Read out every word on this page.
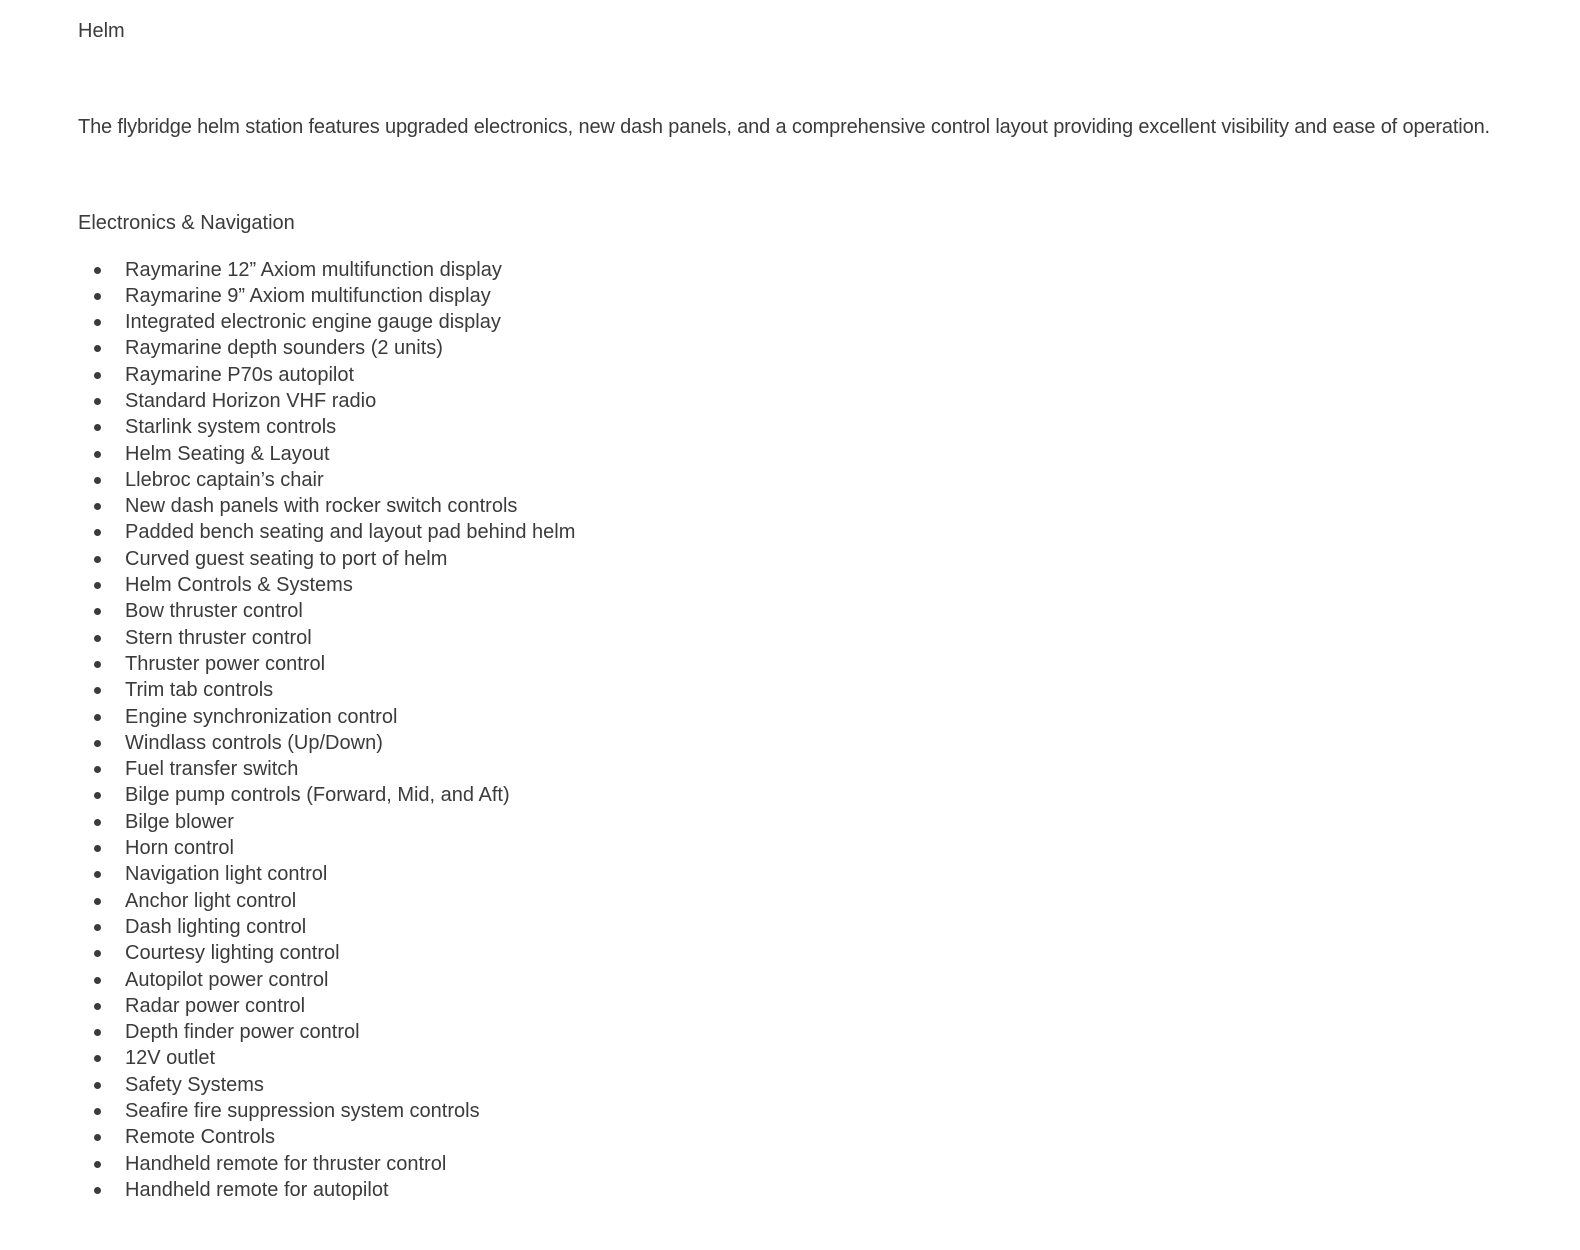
Helm

The flybridge helm station features upgraded electronics, new dash panels, and a comprehensive control layout providing excellent visibility and ease of operation.

Electronics & Navigation
Raymarine 12” Axiom multifunction display
Raymarine 9” Axiom multifunction display
Integrated electronic engine gauge display
Raymarine depth sounders (2 units)
Raymarine P70s autopilot
Standard Horizon VHF radio
Starlink system controls
Helm Seating & Layout
Llebroc captain’s chair
New dash panels with rocker switch controls
Padded bench seating and layout pad behind helm
Curved guest seating to port of helm
Helm Controls & Systems
Bow thruster control
Stern thruster control
Thruster power control
Trim tab controls
Engine synchronization control
Windlass controls (Up/Down)
Fuel transfer switch
Bilge pump controls (Forward, Mid, and Aft)
Bilge blower
Horn control
Navigation light control
Anchor light control
Dash lighting control
Courtesy lighting control
Autopilot power control
Radar power control
Depth finder power control
12V outlet
Safety Systems
Seafire fire suppression system controls
Remote Controls
Handheld remote for thruster control
Handheld remote for autopilot
